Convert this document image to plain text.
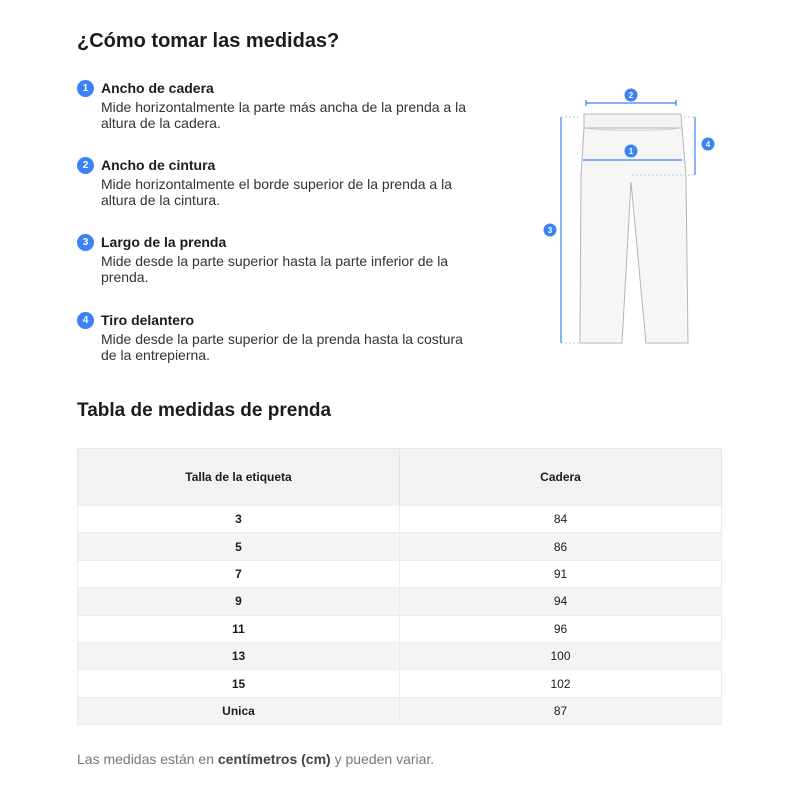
¿Cómo tomar las medidas?
1 Ancho de cadera
Mide horizontalmente la parte más ancha de la prenda a la altura de la cadera.
2 Ancho de cintura
Mide horizontalmente el borde superior de la prenda a la altura de la cintura.
3 Largo de la prenda
Mide desde la parte superior hasta la parte inferior de la prenda.
4 Tiro delantero
Mide desde la parte superior de la prenda hasta la costura de la entrepierna.
2
1
4
3
Tabla de medidas de prenda
Talla de la etiqueta	Cadera
3	84
5	86
7	91
9	94
11	96
13	100
15	102
Unica	87
Las medidas están en centímetros (cm) y pueden variar.
